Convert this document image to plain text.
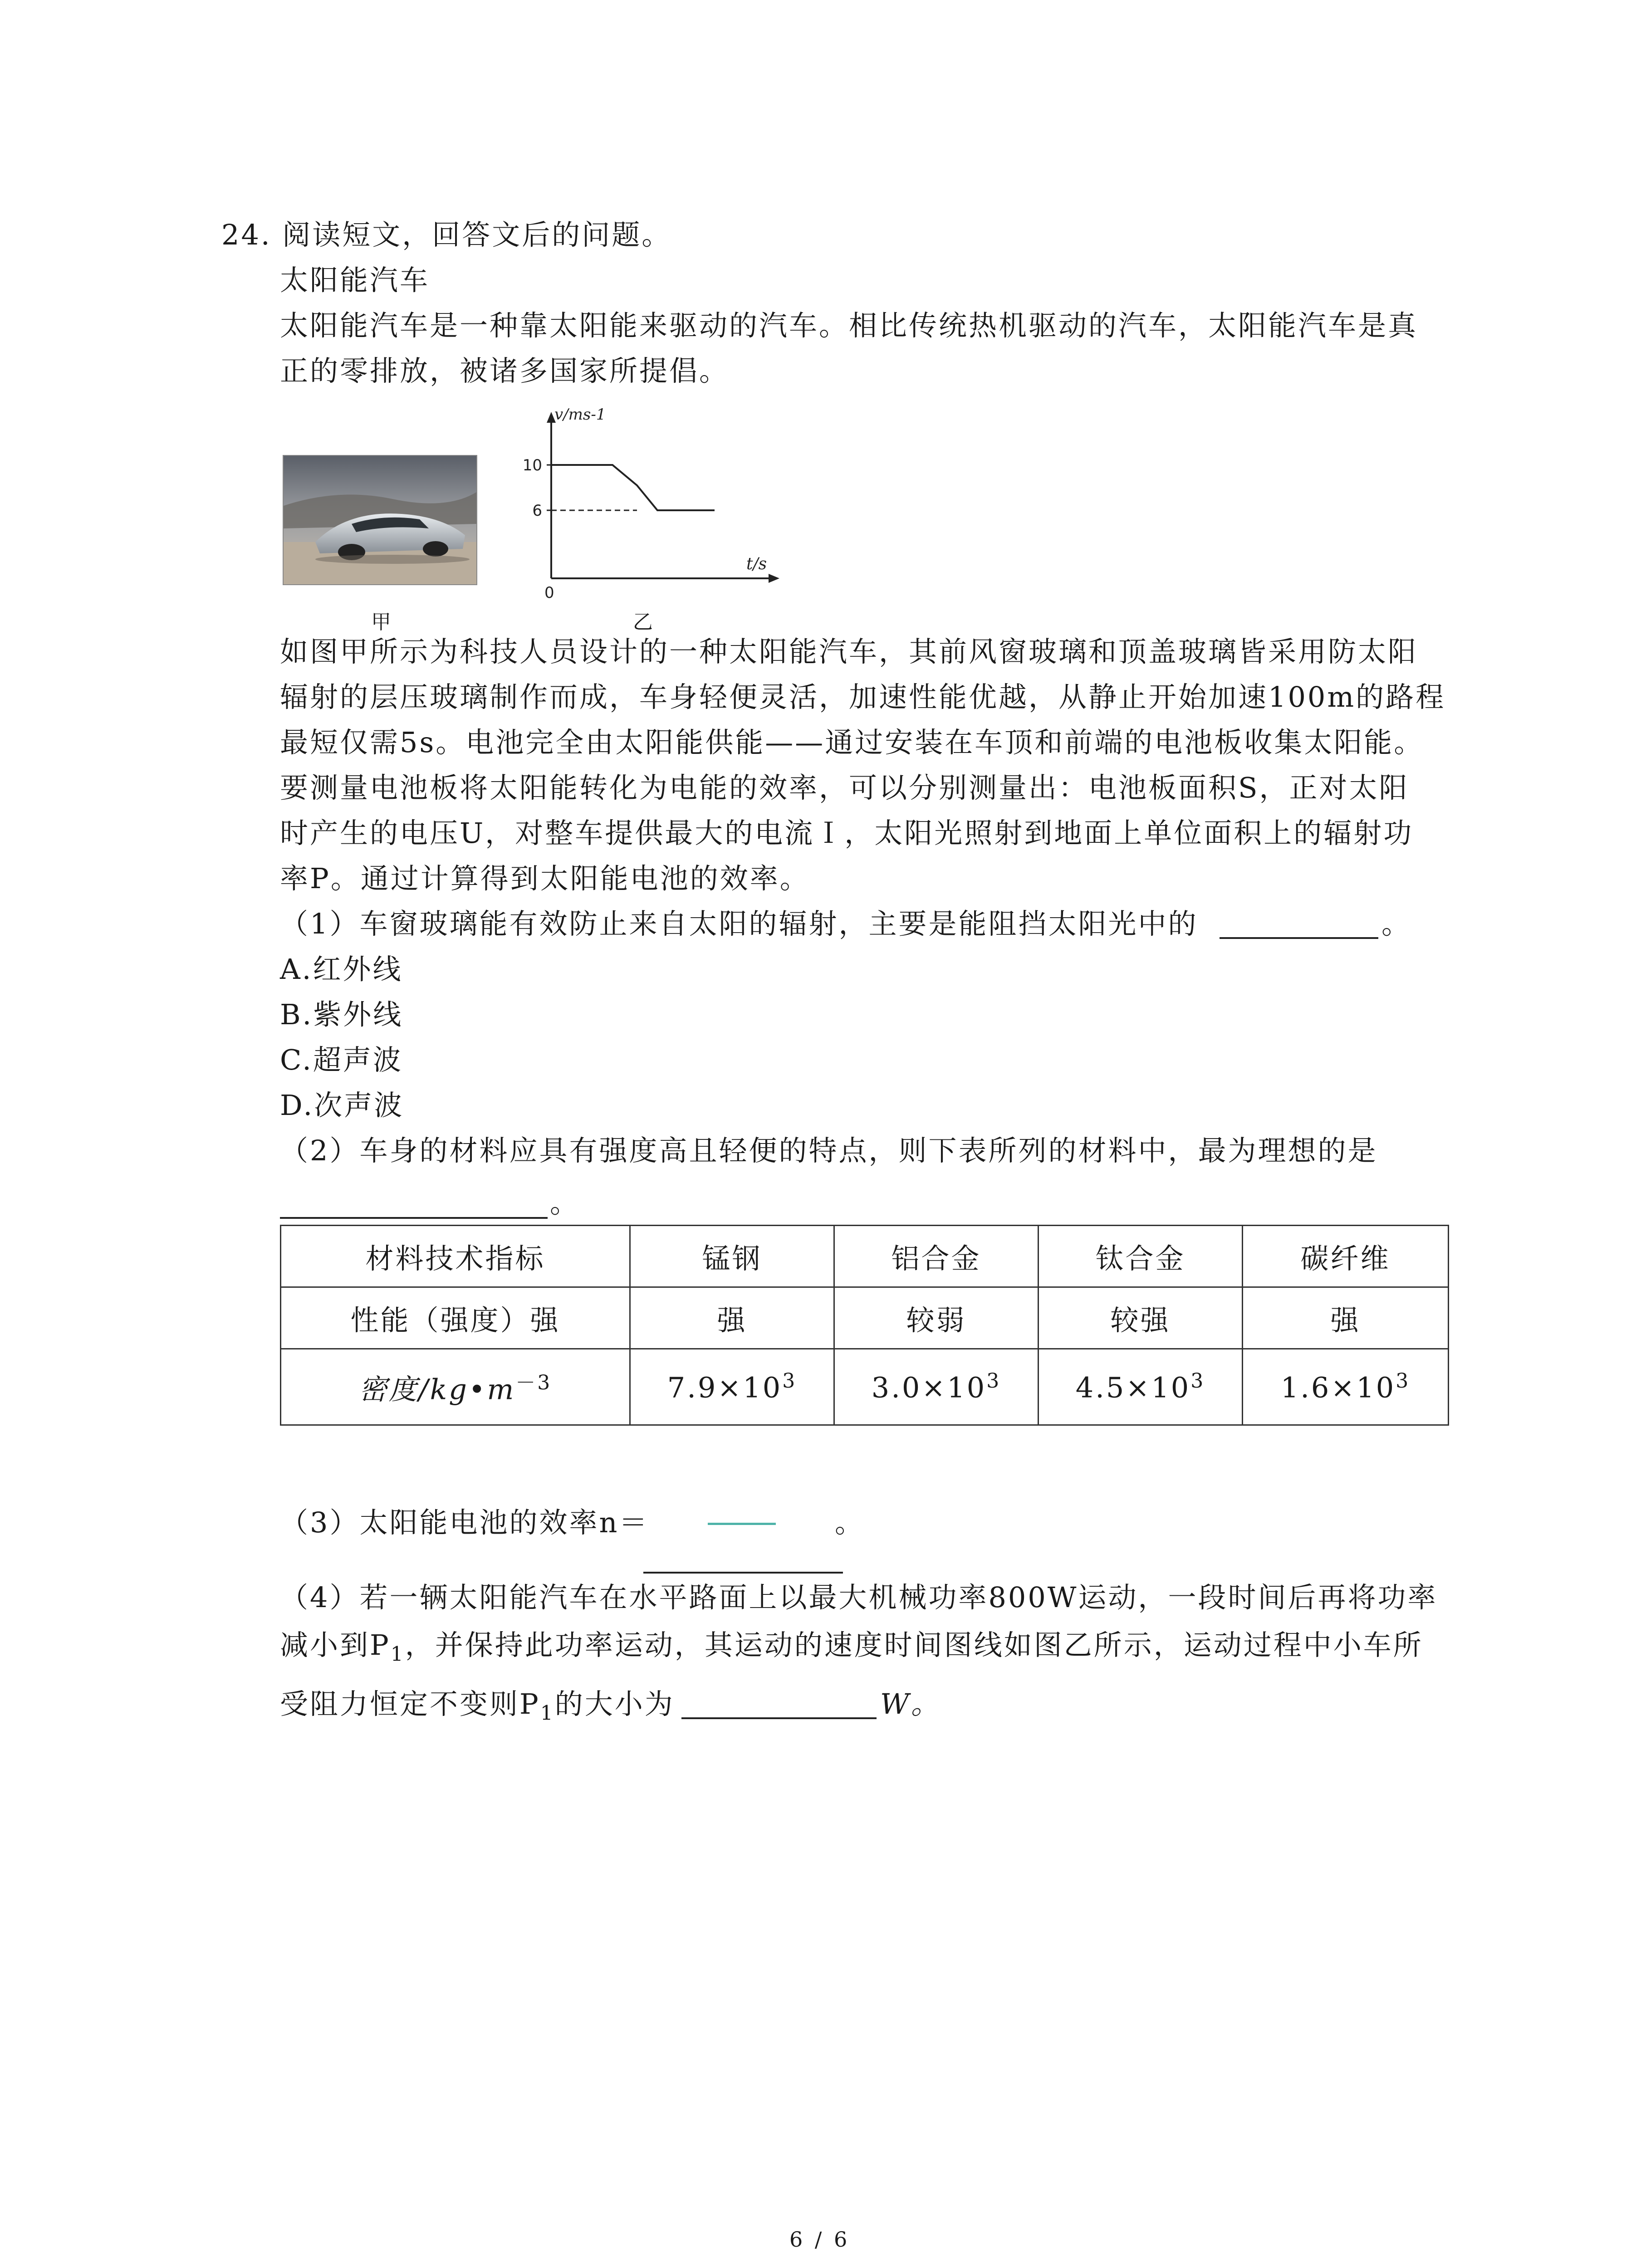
24. 阅读短文，回答文后的问题。
太阳能汽车
太阳能汽车是一种靠太阳能来驱动的汽车。相比传统热机驱动的汽车，太阳能汽车是真
正的零排放，被诸多国家所提倡。
甲
v/ms-1
t/s
0
10
6
乙
如图甲所示为科技人员设计的一种太阳能汽车，其前风窗玻璃和顶盖玻璃皆采用防太阳
辐射的层压玻璃制作而成，车身轻便灵活，加速性能优越，从静止开始加速100m的路程
最短仅需5s。电池完全由太阳能供能——通过安装在车顶和前端的电池板收集太阳能。
要测量电池板将太阳能转化为电能的效率，可以分别测量出：电池板面积S，正对太阳
时产生的电压U，对整车提供最大的电流Ｉ，太阳光照射到地面上单位面积上的辐射功
率P。通过计算得到太阳能电池的效率。
（1）车窗玻璃能有效防止来自太阳的辐射，主要是能阻挡太阳光中的	。
A.红外线
B.紫外线
C.超声波
D.次声波
（2）车身的材料应具有强度高且轻便的特点，则下表所列的材料中，最为理想的是
。
材料技术指标	锰钢	铝合金	钛合金	碳纤维
性能（强度）强	强	较弱	较强	强
密度$/kg•m^{-3}$	$7.9\times 10^3$	$3.0\times 10^3$	$4.5\times 10^3$	$1.6\times 10^3$
（3）太阳能电池的效率n＝	。
（4）若一辆太阳能汽车在水平路面上以最大机械功率800W运动，一段时间后再将功率
减小到$P_1$，并保持此功率运动，其运动的速度时间图线如图乙所示，运动过程中小车所
受阻力恒定不变则$P_1$的大小为	W。
6 / 6
